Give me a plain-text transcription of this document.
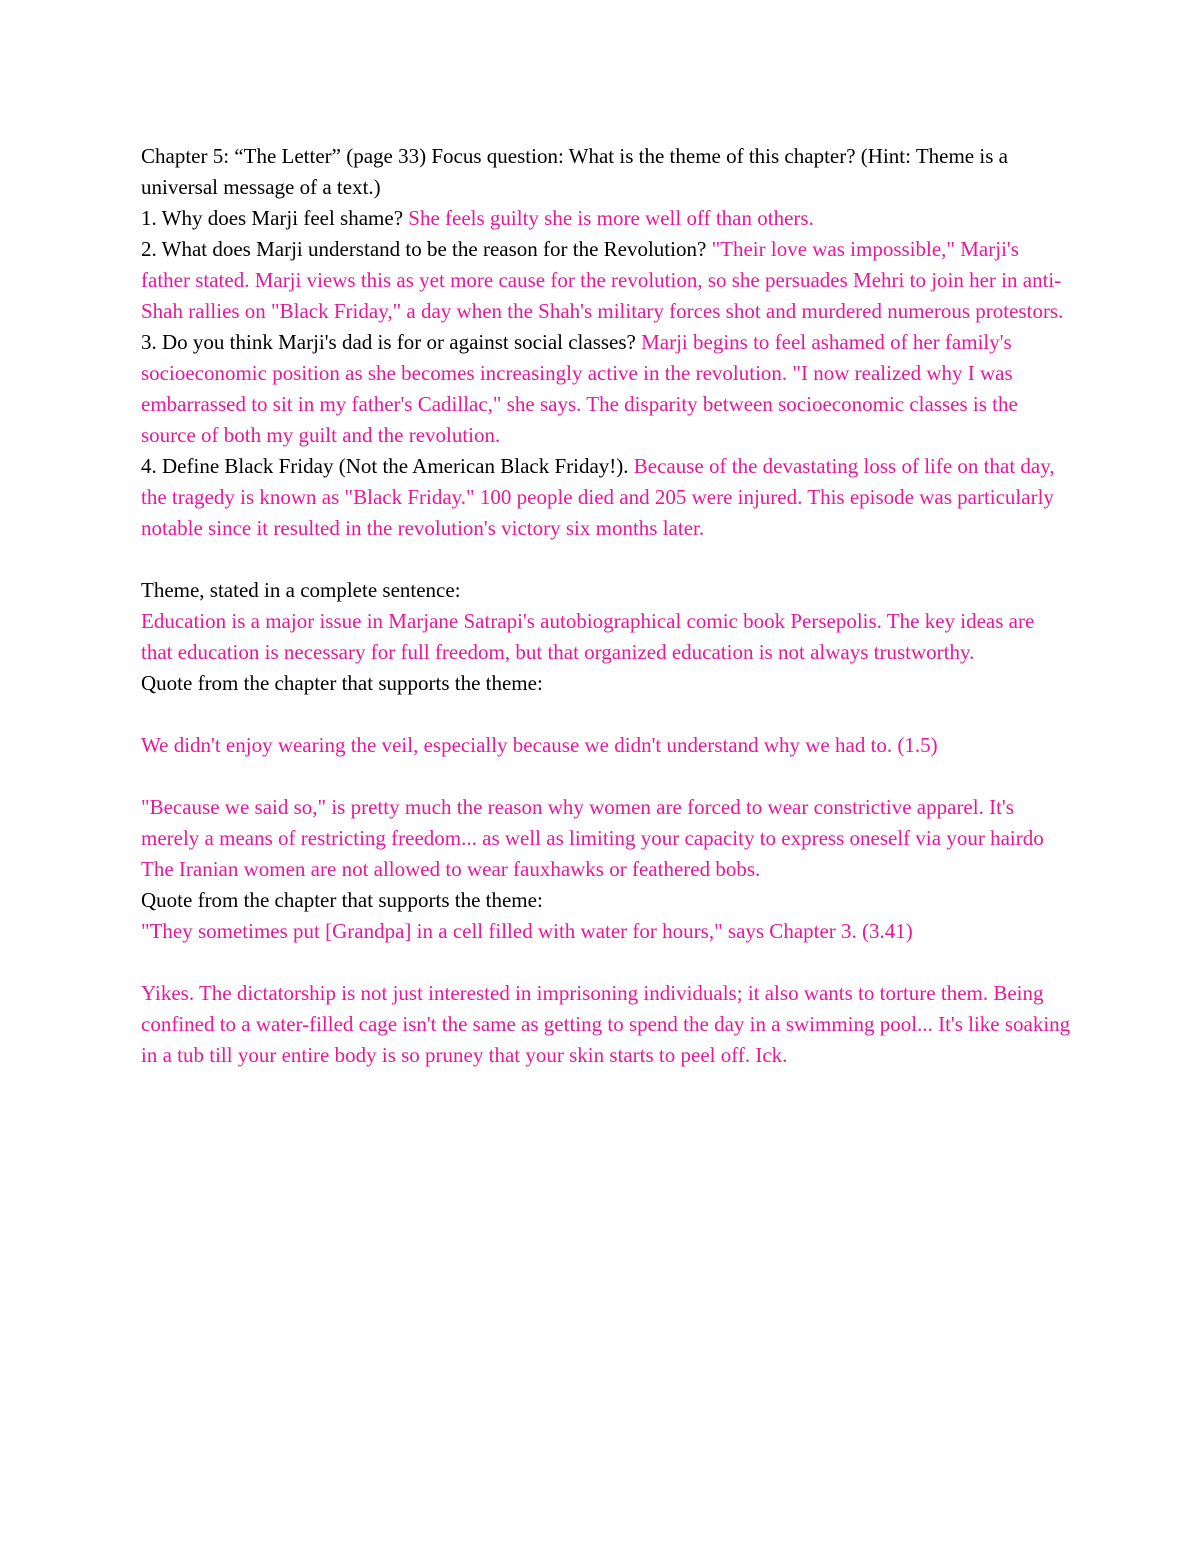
Chapter 5: “The Letter” (page 33) Focus question: What is the theme of this chapter? (Hint: Theme is a universal message of a text.)

1. Why does Marji feel shame? She feels guilty she is more well off than others.

2. What does Marji understand to be the reason for the Revolution? "Their love was impossible," Marji's father stated. Marji views this as yet more cause for the revolution, so she persuades Mehri to join her in anti-Shah rallies on "Black Friday," a day when the Shah's military forces shot and murdered numerous protestors.

3. Do you think Marji's dad is for or against social classes? Marji begins to feel ashamed of her family's socioeconomic position as she becomes increasingly active in the revolution. "I now realized why I was embarrassed to sit in my father's Cadillac," she says. The disparity between socioeconomic classes is the source of both my guilt and the revolution.

4. Define Black Friday (Not the American Black Friday!). Because of the devastating loss of life on that day, the tragedy is known as "Black Friday." 100 people died and 205 were injured. This episode was particularly notable since it resulted in the revolution's victory six months later.

Theme, stated in a complete sentence:

Education is a major issue in Marjane Satrapi's autobiographical comic book Persepolis. The key ideas are that education is necessary for full freedom, but that organized education is not always trustworthy.

Quote from the chapter that supports the theme:

We didn't enjoy wearing the veil, especially because we didn't understand why we had to. (1.5)

"Because we said so," is pretty much the reason why women are forced to wear constrictive apparel. It's merely a means of restricting freedom... as well as limiting your capacity to express oneself via your hairdo The Iranian women are not allowed to wear fauxhawks or feathered bobs.

Quote from the chapter that supports the theme:

"They sometimes put [Grandpa] in a cell filled with water for hours," says Chapter 3. (3.41)

Yikes. The dictatorship is not just interested in imprisoning individuals; it also wants to torture them. Being confined to a water-filled cage isn't the same as getting to spend the day in a swimming pool... It's like soaking in a tub till your entire body is so pruney that your skin starts to peel off. Ick.
